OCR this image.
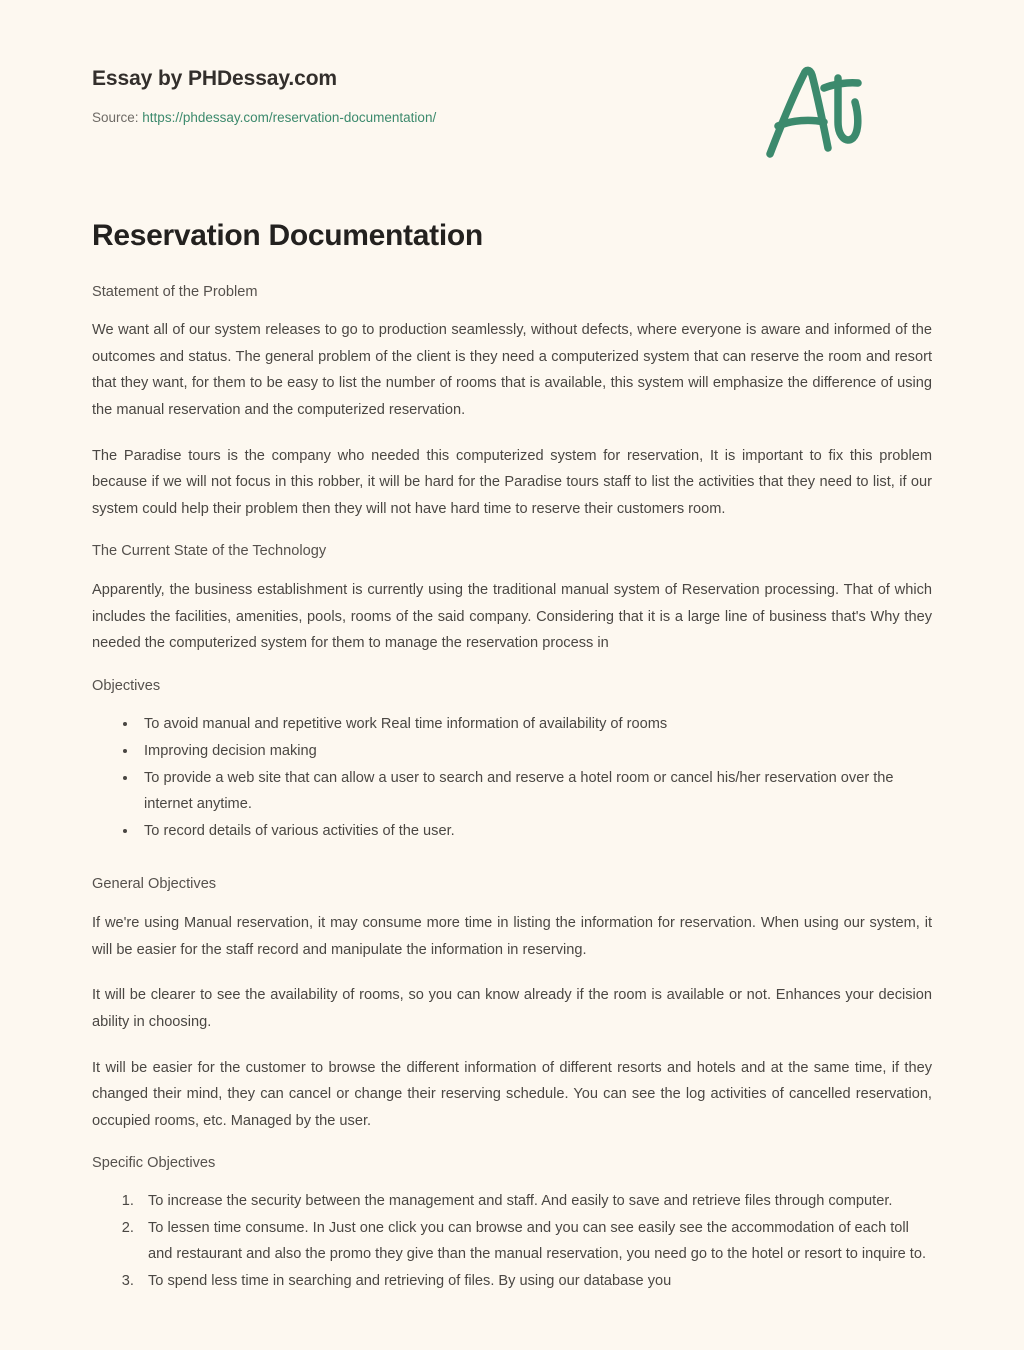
Essay by PHDessay.com
Source: https://phdessay.com/reservation-documentation/
Reservation Documentation
Statement of the Problem

We want all of our system releases to go to production seamlessly, without defects, where everyone is aware and informed of the outcomes and status. The general problem of the client is they need a computerized system that can reserve the room and resort that they want, for them to be easy to list the number of rooms that is available, this system will emphasize the difference of using the manual reservation and the computerized reservation.

The Paradise tours is the company who needed this computerized system for reservation, It is important to fix this problem because if we will not focus in this robber, it will be hard for the Paradise tours staff to list the activities that they need to list, if our system could help their problem then they will not have hard time to reserve their customers room.

The Current State of the Technology

Apparently, the business establishment is currently using the traditional manual system of Reservation processing. That of which includes the facilities, amenities, pools, rooms of the said company. Considering that it is a large line of business that's Why they needed the computerized system for them to manage the reservation process in

Objectives
• To avoid manual and repetitive work Real time information of availability of rooms
• Improving decision making
• To provide a web site that can allow a user to search and reserve a hotel room or cancel his/her reservation over the internet anytime.
• To record details of various activities of the user.
General Objectives

If we're using Manual reservation, it may consume more time in listing the information for reservation. When using our system, it will be easier for the staff record and manipulate the information in reserving.

It will be clearer to see the availability of rooms, so you can know already if the room is available or not. Enhances your decision ability in choosing.

It will be easier for the customer to browse the different information of different resorts and hotels and at the same time, if they changed their mind, they can cancel or change their reserving schedule. You can see the log activities of cancelled reservation, occupied rooms, etc. Managed by the user.

Specific Objectives
1. To increase the security between the management and staff. And easily to save and retrieve files through computer.
2. To lessen time consume. In Just one click you can browse and you can see easily see the accommodation of each toll and restaurant and also the promo they give than the manual reservation, you need go to the hotel or resort to inquire to.
3. To spend less time in searching and retrieving of files. By using our database you
